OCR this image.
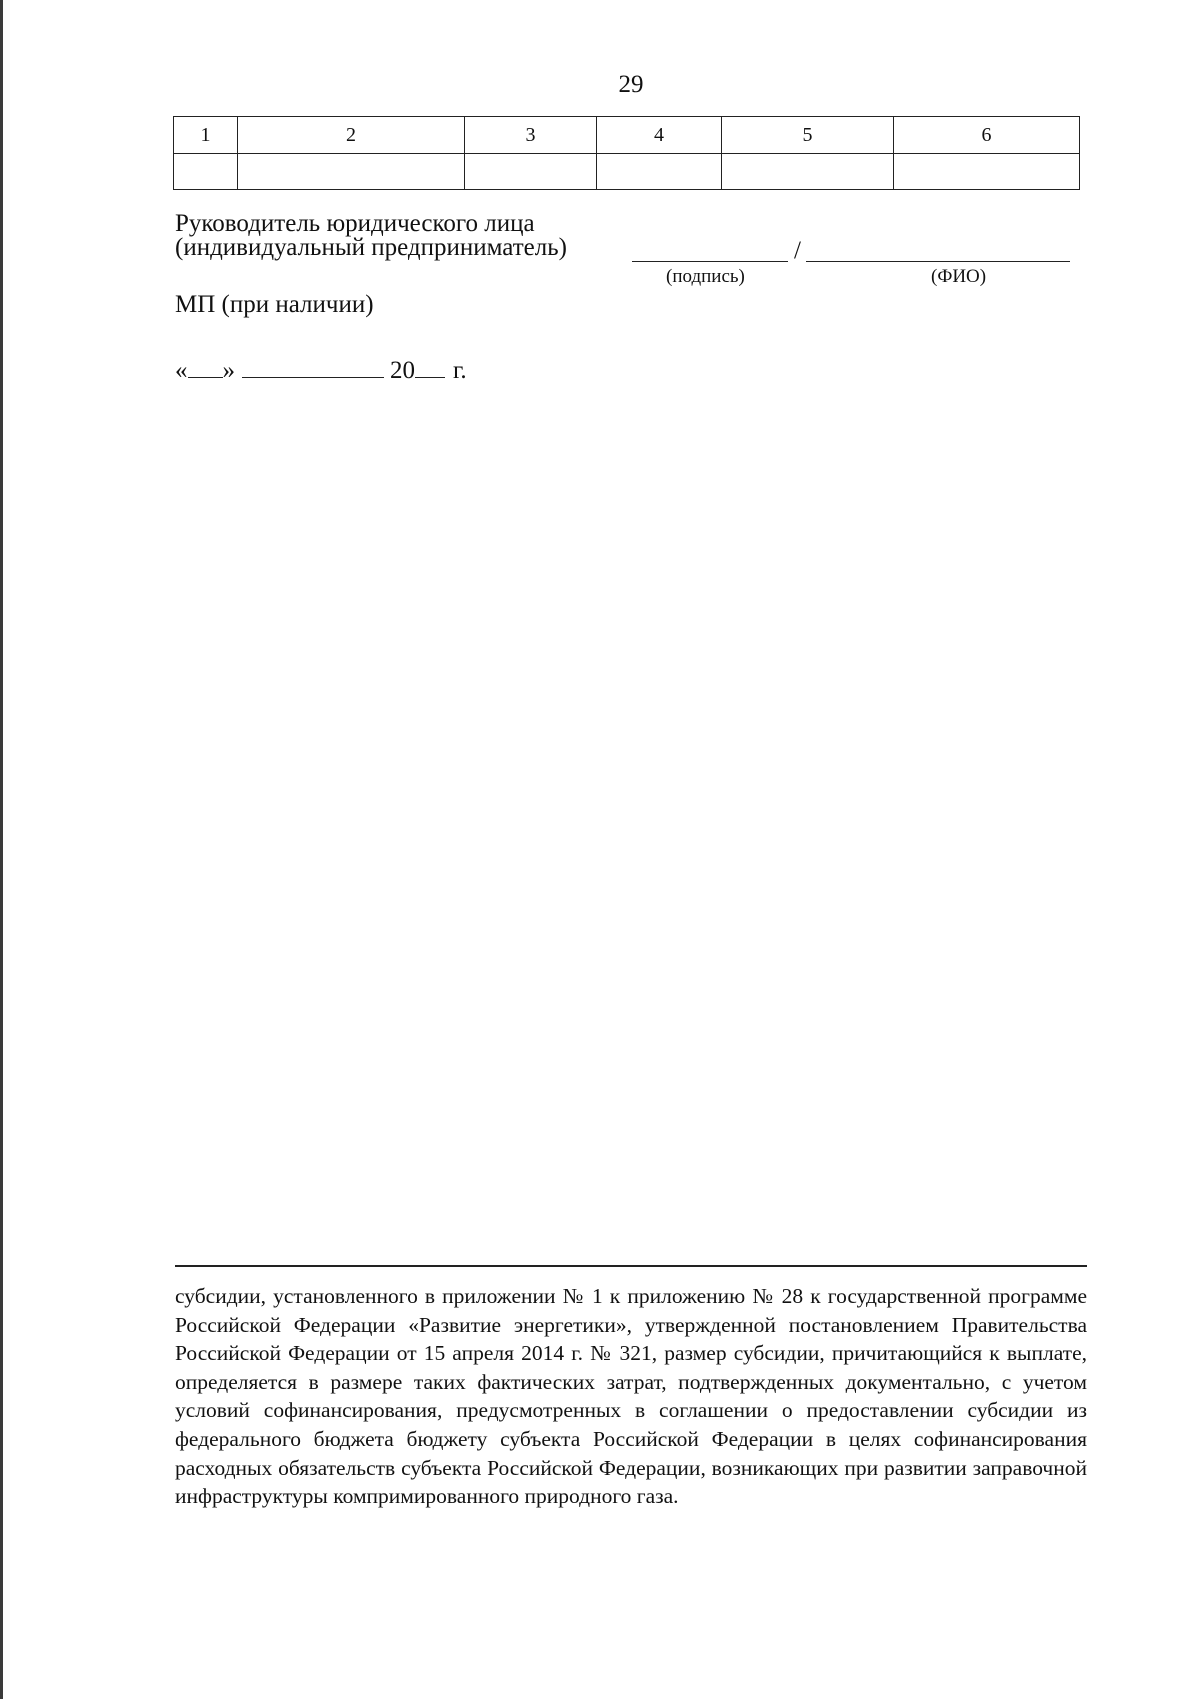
29
1	2	3	4	5	6

Руководитель юридического лица
(индивидуальный предприниматель)	/
(подпись)	(ФИО)
МП (при наличии)
« »	20 г.

субсидии, установленного в приложении № 1 к приложению № 28 к государственной программе Российской Федерации «Развитие энергетики», утвержденной постановлением Правительства Российской Федерации от 15 апреля 2014 г. № 321, размер субсидии, причитающийся к выплате, определяется в размере таких фактических затрат, подтвержденных документально, с учетом условий софинансирования, предусмотренных в соглашении о предоставлении субсидии из федерального бюджета бюджету субъекта Российской Федерации в целях софинансирования расходных обязательств субъекта Российской Федерации, возникающих при развитии заправочной инфраструктуры компримированного природного газа.
